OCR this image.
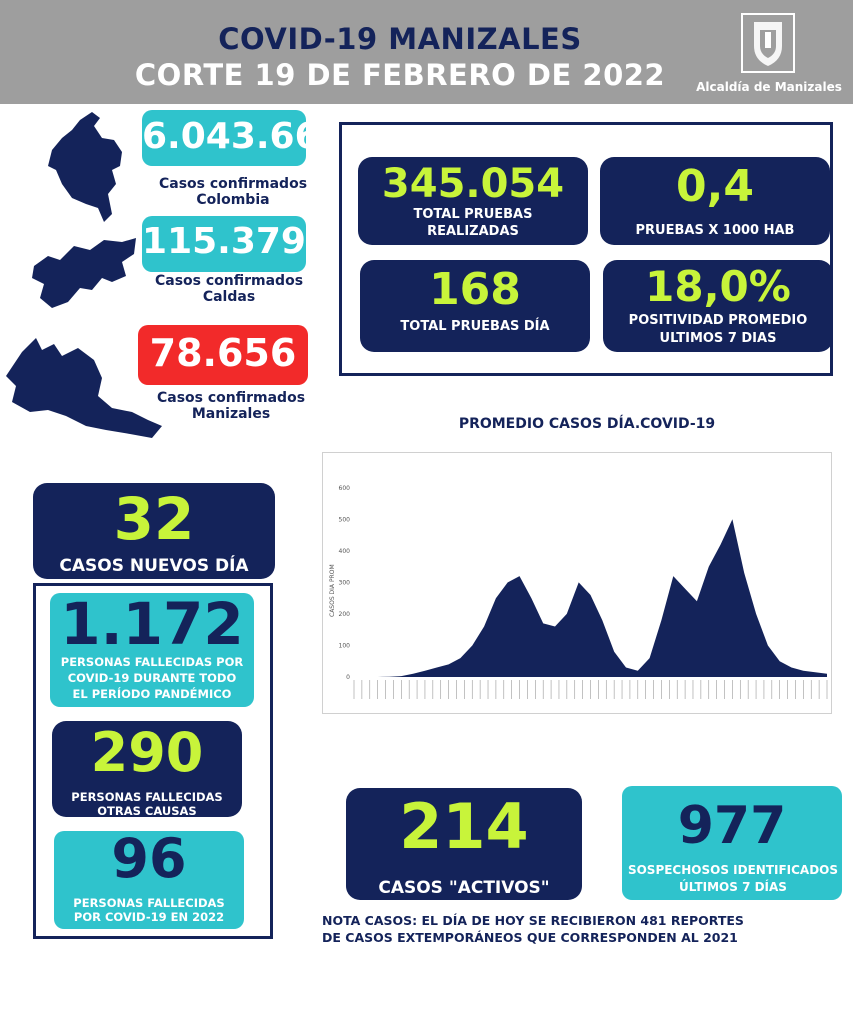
COVID-19 MANIZALES
CORTE 19 DE FEBRERO DE 2022	Alcaldía de Manizales
6.043.661
Casos confirmados
Colombia
115.379
Casos confirmados
Caldas
78.656
Casos confirmados
Manizales
345.054
TOTAL PRUEBAS
REALIZADAS
0,4
PRUEBAS X 1000 HAB
168
TOTAL PRUEBAS DÍA
18,0%
POSITIVIDAD PROMEDIO
ULTIMOS 7 DIAS
PROMEDIO CASOS DÍA.COVID-19
CASOS DIA PROM
0
100
200
300
400
500
600
32
CASOS NUEVOS DÍA
1.172
PERSONAS FALLECIDAS POR
COVID-19 DURANTE TODO
EL PERÍODO PANDÉMICO
290
PERSONAS FALLECIDAS
OTRAS CAUSAS
96
PERSONAS FALLECIDAS
POR COVID-19 EN 2022
214
CASOS "ACTIVOS"
977
SOSPECHOSOS IDENTIFICADOS
ÚLTIMOS 7 DÍAS
NOTA CASOS: EL DÍA DE HOY SE RECIBIERON 481 REPORTES
DE CASOS EXTEMPORÁNEOS QUE CORRESPONDEN AL 2021
